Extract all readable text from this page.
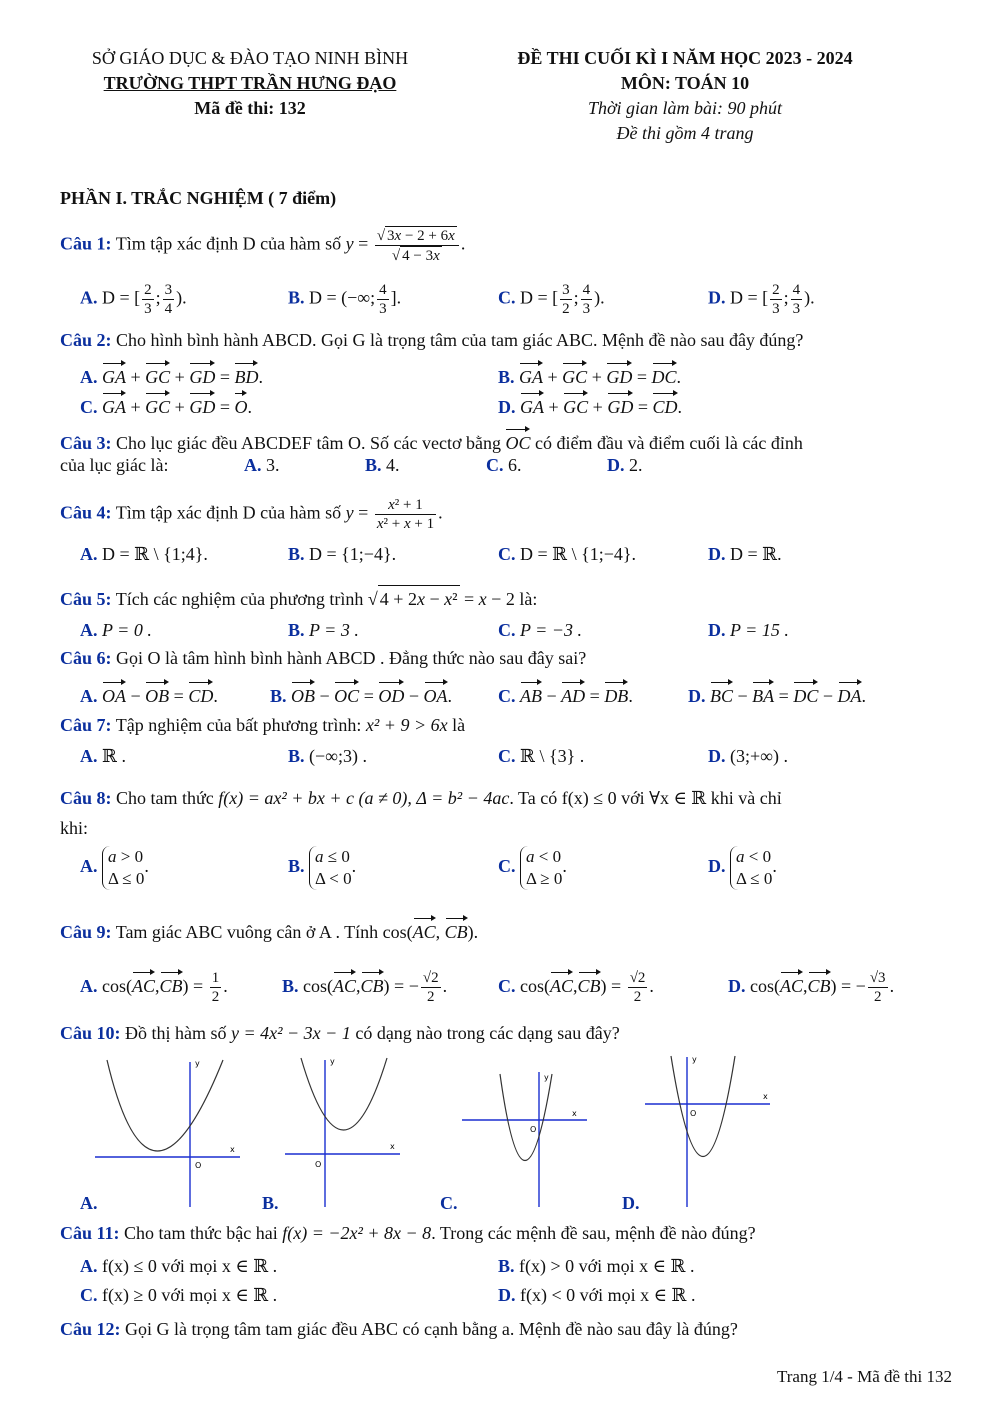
SỞ GIÁO DỤC & ĐÀO TẠO NINH BÌNH
TRƯỜNG THPT TRẦN HƯNG ĐẠO
Mã đề thi: 132
ĐỀ THI CUỐI KÌ I NĂM HỌC 2023 - 2024
MÔN: TOÁN 10
Thời gian làm bài: 90 phút
Đề thi gồm 4 trang
PHẦN I. TRẮC NGHIỆM ( 7 điểm)
Câu 1: Tìm tập xác định D của hàm số $y = \frac{√ 3x - 2 + 6x}{√ 4 - 3x}$ .
A. D = [ $\frac{2}{3}$ ; $\frac{3}{4}$ ).	B. D = (−∞; $\frac{4}{3}$ ].	C. D = [ $\frac{3}{2}$ ; $\frac{4}{3}$ ).	D. D = [ $\frac{2}{3}$ ; $\frac{4}{3}$ ).
Câu 2: Cho hình bình hành ABCD. Gọi G là trọng tâm của tam giác ABC. Mệnh đề nào sau đây đúng?
A. GA + GC + GD = BD.	B. GA + GC + GD = DC.
C. GA + GC + GD = O.	D. GA + GC + GD = CD.
Câu 3: Cho lục giác đều ABCDEF tâm O. Số các vectơ bằng OC có điểm đầu và điểm cuối là các đỉnh
của lục giác là:	A. 3.	B. 4.	C. 6.	D. 2.
Câu 4: Tìm tập xác định D của hàm số $y = \frac{\text{x² + 1}}{\text{x² + x + 1}}$ .
A. D = ℝ \ {1;4}.	B. D = {1;−4}.	C. D = ℝ \ {1;−4}.	D. D = ℝ.
Câu 5: Tích các nghiệm của phương trình √ 4 + 2x − x² = x − 2 là:
A. P = 0 .	B. P = 3 .	C. P = −3 .	D. P = 15 .
Câu 6: Gọi O là tâm hình bình hành ABCD . Đẳng thức nào sau đây sai?
A. OA − OB = CD.	B. OB − OC = OD − OA.	C. AB − AD = DB.	D. BC − BA = DC − DA.
Câu 7: Tập nghiệm của bất phương trình: x² + 9 > 6x là
A. ℝ .	B. (−∞;3) .	C. ℝ \ {3} .	D. (3;+∞) .
Câu 8: Cho tam thức f(x) = ax² + bx + c (a ≠ 0), Δ = b² − 4ac. Ta có f(x) ≤ 0 với ∀x ∈ ℝ khi và chỉ
khi:
A. a > 0
Δ ≤ 0.	B. a ≤ 0
Δ < 0.	C. a < 0
Δ ≥ 0.	D. a < 0
Δ ≤ 0.
Câu 9: Tam giác ABC vuông cân ở A . Tính cos(AC, CB).
A. $\cos(AC,CB) = \frac{1}{2}$ .	B. cos(AC,CB) = − $\frac{√2}{2}$ .	C. $\cos(AC,CB) = \frac{√2}{2}$ .	D. cos(AC,CB) = − $\frac{√3}{2}$ .
Câu 10: Đồ thị hàm số y = 4x² − 3x − 1 có dạng nào trong các dạng sau đây?
y
x
O
y
x
O
y
x
O
y
x
O
A.	B.	C.	D.
Câu 11: Cho tam thức bậc hai f(x) = −2x² + 8x − 8. Trong các mệnh đề sau, mệnh đề nào đúng?
A. f(x) ≤ 0 với mọi x ∈ ℝ .	B. f(x) > 0 với mọi x ∈ ℝ .
C. f(x) ≥ 0 với mọi x ∈ ℝ .	D. f(x) < 0 với mọi x ∈ ℝ .
Câu 12: Gọi G là trọng tâm tam giác đều ABC có cạnh bằng a. Mệnh đề nào sau đây là đúng?
Trang 1/4 - Mã đề thi 132
